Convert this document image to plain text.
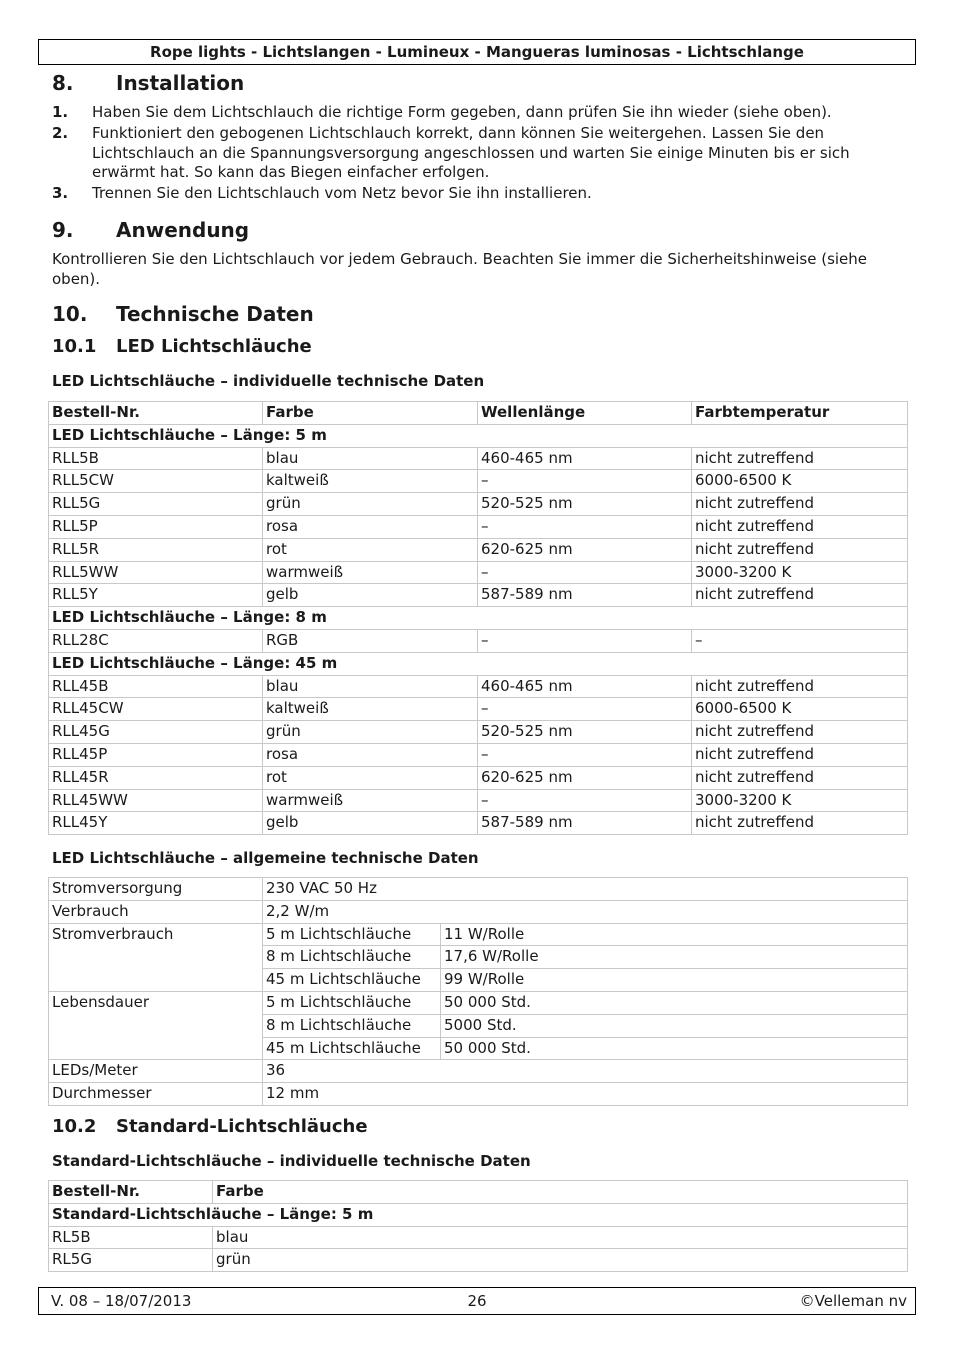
Rope lights - Lichtslangen - Lumineux - Mangueras luminosas - Lichtschlange
8. Installation
1.	Haben Sie dem Lichtschlauch die richtige Form gegeben, dann prüfen Sie ihn wieder (siehe oben).
2.	Funktioniert den gebogenen Lichtschlauch korrekt, dann können Sie weitergehen. Lassen Sie den Lichtschlauch an die Spannungsversorgung angeschlossen und warten Sie einige Minuten bis er sich erwärmt hat. So kann das Biegen einfacher erfolgen.
3.	Trennen Sie den Lichtschlauch vom Netz bevor Sie ihn installieren.
9. Anwendung
Kontrollieren Sie den Lichtschlauch vor jedem Gebrauch. Beachten Sie immer die Sicherheitshinweise (siehe oben).
10. Technische Daten
10.1 LED Lichtschläuche
LED Lichtschläuche – individuelle technische Daten
Bestell-Nr.	Farbe	Wellenlänge	Farbtemperatur
LED Lichtschläuche – Länge: 5 m			
RLL5B	blau	460-465 nm	nicht zutreffend
RLL5CW	kaltweiß	–	6000-6500 K
RLL5G	grün	520-525 nm	nicht zutreffend
RLL5P	rosa	–	nicht zutreffend
RLL5R	rot	620-625 nm	nicht zutreffend
RLL5WW	warmweiß	–	3000-3200 K
RLL5Y	gelb	587-589 nm	nicht zutreffend
LED Lichtschläuche – Länge: 8 m			
RLL28C	RGB	–	–
LED Lichtschläuche – Länge: 45 m			
RLL45B	blau	460-465 nm	nicht zutreffend
RLL45CW	kaltweiß	–	6000-6500 K
RLL45G	grün	520-525 nm	nicht zutreffend
RLL45P	rosa	–	nicht zutreffend
RLL45R	rot	620-625 nm	nicht zutreffend
RLL45WW	warmweiß	–	3000-3200 K
RLL45Y	gelb	587-589 nm	nicht zutreffend
LED Lichtschläuche – allgemeine technische Daten
Stromversorgung	230 VAC 50 Hz	
Verbrauch	2,2 W/m	
Stromverbrauch	5 m Lichtschläuche	11 W/Rolle
	8 m Lichtschläuche	17,6 W/Rolle
	45 m Lichtschläuche	99 W/Rolle
Lebensdauer	5 m Lichtschläuche	50 000 Std.
	8 m Lichtschläuche	5000 Std.
	45 m Lichtschläuche	50 000 Std.
LEDs/Meter	36	
Durchmesser	12 mm	
10.2 Standard-Lichtschläuche
Standard-Lichtschläuche – individuelle technische Daten
Bestell-Nr.	Farbe
Standard-Lichtschläuche – Länge: 5 m	
RL5B	blau
RL5G	grün
26
V. 08 – 18/07/2013	©Velleman nv
